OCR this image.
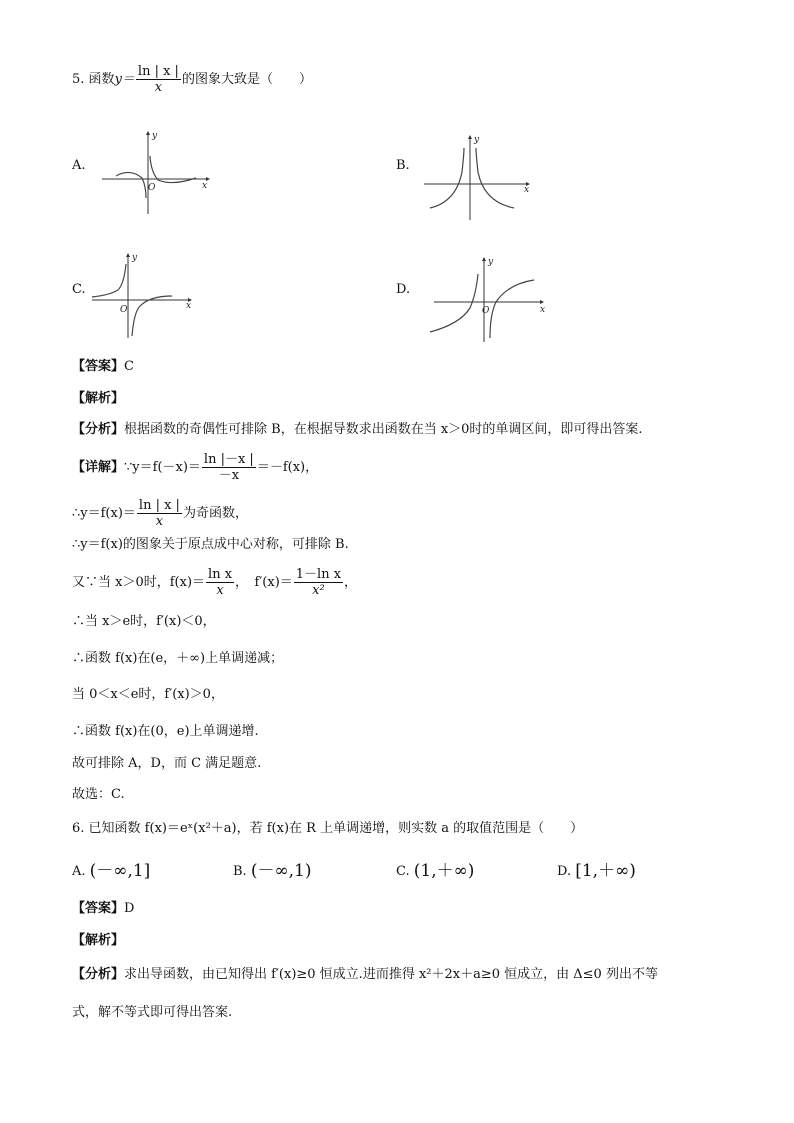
5. 函数$y= \frac{\ln | x |}{x}$ 的图象大致是（　　）
A.
y
x
O
B.
y
x
C.
y
x
O
D.
y
x
O
【答案】C
【解析】
【分析】根据函数的奇偶性可排除 B，在根据导数求出函数在当 x＞0时的单调区间，即可得出答案.
【详解】∵y＝f(－x)＝ $\frac{\ln |-x |}{-x} =-f(x)$，
∴y＝f(x)＝ $\frac{\ln | x |}{x}$ 为奇函数，
∴y＝f(x)的图象关于原点成中心对称，可排除 B.
又∵当 x＞0时，$f(x)= \frac{\text{ln x}}{x}$ ，　$f'(x)= \frac{\text{1－ln x}}{\text{x²}}$ ，
∴当 x＞e时，f′(x)＜0，
∴函数 f(x)在(e，＋∞)上单调递减；
当 0＜x＜e时，f′(x)＞0，
∴函数 f(x)在(0，e)上单调递增.
故可排除 A，D，而 C 满足题意.
故选：C.
6. 已知函数 f(x)＝eˣ(x²＋a)，若 f(x)在 R 上单调递增，则实数 a 的取值范围是（　　）
A. (－∞,1]	B. (－∞,1)	C. (1,＋∞)	D. [1,＋∞)
【答案】D
【解析】
【分析】求出导函数，由已知得出 f′(x)≥0 恒成立.进而推得 x²＋2x＋a≥0 恒成立，由 Δ≤0 列出不等
式，解不等式即可得出答案.
